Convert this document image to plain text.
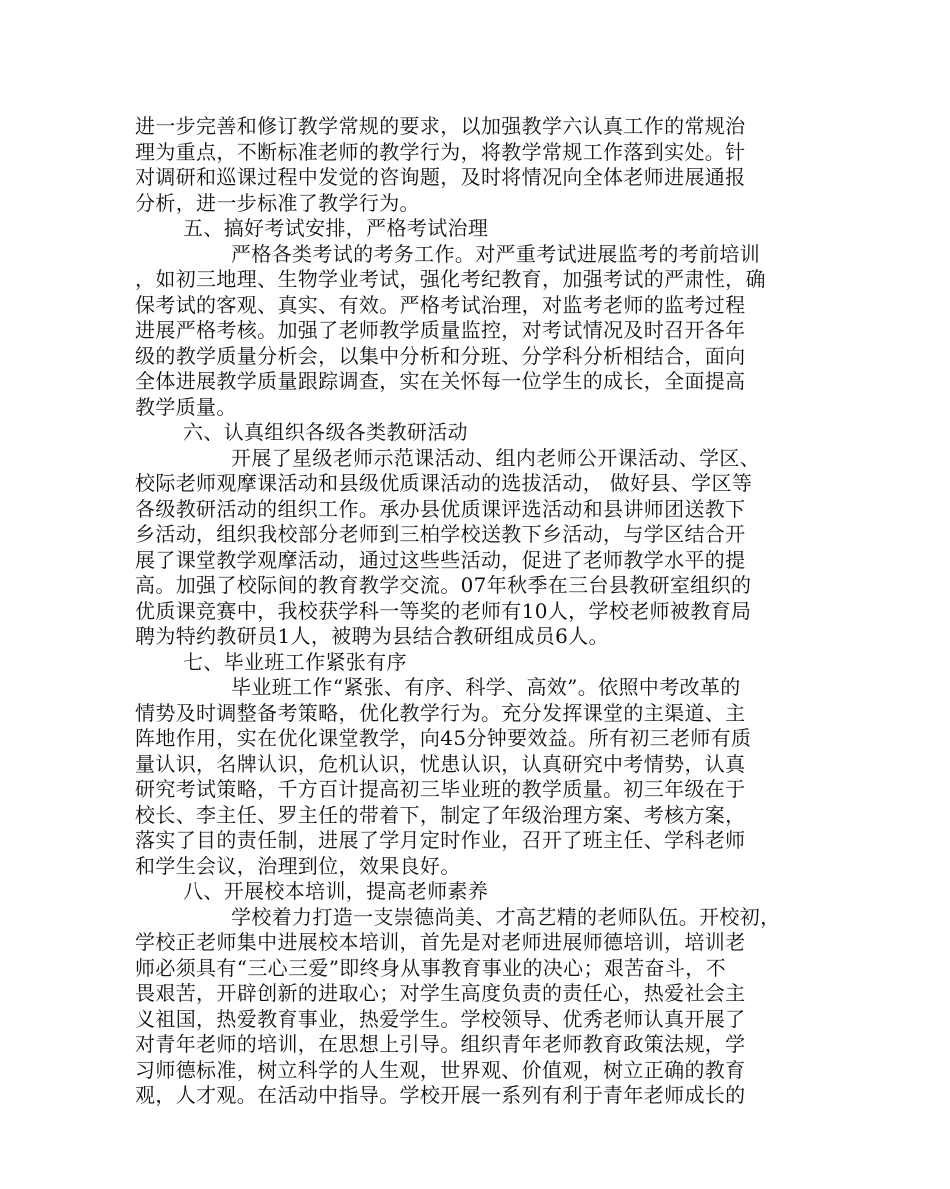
进一步完善和修订教学常规的要求，以加强教学六认真工作的常规治
理为重点，不断标准老师的教学行为，将教学常规工作落到实处。针
对调研和巡课过程中发觉的咨询题，及时将情况向全体老师进展通报
分析，进一步标准了教学行为。
五、搞好考试安排，严格考试治理
严格各类考试的考务工作。对严重考试进展监考的考前培训
，如初三地理、生物学业考试，强化考纪教育，加强考试的严肃性，确
保考试的客观、真实、有效。严格考试治理，对监考老师的监考过程
进展严格考核。加强了老师教学质量监控，对考试情况及时召开各年
级的教学质量分析会，以集中分析和分班、分学科分析相结合，面向
全体进展教学质量跟踪调查，实在关怀每一位学生的成长，全面提高
教学质量。
六、认真组织各级各类教研活动
开展了星级老师示范课活动、组内老师公开课活动、学区、
校际老师观摩课活动和县级优质课活动的选拔活动， 做好县、学区等
各级教研活动的组织工作。承办县优质课评选活动和县讲师团送教下
乡活动，组织我校部分老师到三柏学校送教下乡活动，与学区结合开
展了课堂教学观摩活动，通过这些些活动，促进了老师教学水平的提
高。加强了校际间的教育教学交流。07年秋季在三台县教研室组织的
优质课竞赛中，我校获学科一等奖的老师有10人，学校老师被教育局
聘为特约教研员1人，被聘为县结合教研组成员6人。
七、毕业班工作紧张有序
毕业班工作“紧张、有序、科学、高效”。依照中考改革的
情势及时调整备考策略，优化教学行为。充分发挥课堂的主渠道、主
阵地作用，实在优化课堂教学，向45分钟要效益。所有初三老师有质
量认识，名牌认识，危机认识，忧患认识，认真研究中考情势，认真
研究考试策略，千方百计提高初三毕业班的教学质量。初三年级在于
校长、李主任、罗主任的带着下，制定了年级治理方案、考核方案，
落实了目的责任制，进展了学月定时作业，召开了班主任、学科老师
和学生会议，治理到位，效果良好。
八、开展校本培训，提高老师素养
学校着力打造一支崇德尚美、才高艺精的老师队伍。开校初，
学校正老师集中进展校本培训，首先是对老师进展师德培训，培训老
师必须具有“三心三爱”即终身从事教育事业的决心；艰苦奋斗，不
畏艰苦，开辟创新的进取心；对学生高度负责的责任心，热爱社会主
义祖国，热爱教育事业，热爱学生。学校领导、优秀老师认真开展了
对青年老师的培训，在思想上引导。组织青年老师教育政策法规，学
习师德标准，树立科学的人生观，世界观、价值观，树立正确的教育
观，人才观。在活动中指导。学校开展一系列有利于青年老师成长的
